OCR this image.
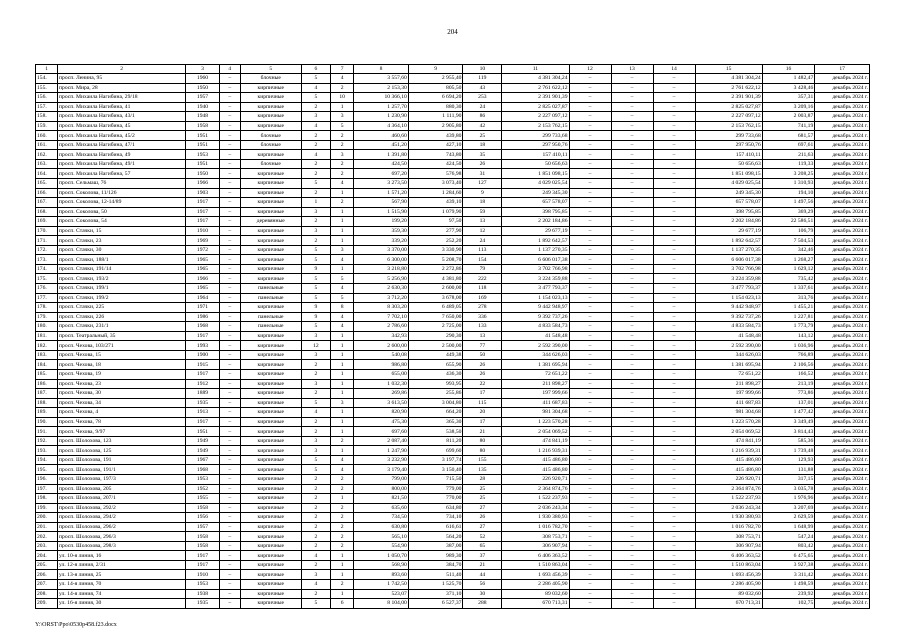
204
1	2	3	4	5	6	7	8	9	10	11	12	13	14	15	16	17
154.	просп. Ленина, 95	1960	–	блочные	5	4	3 557,60	2 955,40	119	4 381 304,24	–	–	–	4 381 304,24	1 482,47	декабрь 2024 г.
155.	просп. Мира, 28	1950	–	кирпичные	4	2	2 153,30	805,50	43	2 761 622,12	–	–	–	2 761 622,12	3 428,46	декабрь 2024 г.
156.	просп. Михаила Нагибина, 29/18	1957	–	кирпичные	5	10	10 366,10	6 694,20	253	2 391 901,39	–	–	–	2 391 901,39	357,31	декабрь 2024 г.
157.	просп. Михаила Нагибина, 41	1940	–	кирпичные	2	1	1 257,70	880,30	24	2 825 027,87	–	–	–	2 825 027,87	3 209,16	декабрь 2024 г.
158.	просп. Михаила Нагибина, 43/1	1948	–	кирпичные	3	3	1 230,90	1 111,90	86	2 227 097,12	–	–	–	2 227 097,12	2 003,87	декабрь 2024 г.
159.	просп. Михаила Нагибина, 45	1958	–	кирпичные	4	5	4 364,10	2 905,80	42	2 153 762,15	–	–	–	2 153 762,15	741,19	декабрь 2024 г.
160.	просп. Михаила Нагибина, 45/2	1951	–	блочные	2	2	460,60	439,80	25	299 733,68	–	–	–	299 733,68	681,57	декабрь 2024 г.
161.	просп. Михаила Нагибина, 47/1	1951	–	блочные	2	2	451,20	427,10	18	297 950,76	–	–	–	297 950,76	697,61	декабрь 2024 г.
162.	просп. Михаила Нагибина, 49	1953	–	кирпичные	4	3	1 391,80	743,80	35	157 410,11	–	–	–	157 410,11	211,63	декабрь 2024 г.
163.	просп. Михаила Нагибина, 49/1	1951	–	блочные	2	2	424,50	424,50	26	50 656,63	–	–	–	50 656,63	119,33	декабрь 2024 г.
164.	просп. Михаила Нагибина, 57	1950	–	кирпичные	2	2	697,20	576,98	31	1 851 098,15	–	–	–	1 851 098,15	3 208,25	декабрь 2024 г.
165.	просп. Сельмаш, 76	1966	–	кирпичные	5	4	3 273,50	3 073,40	127	4 029 025,54	–	–	–	4 029 025,54	1 310,93	декабрь 2024 г.
166.	просп. Соколова, 11/126	1903	–	кирпичные	2	1	1 571,20	1 284,60	9	249 345,30	–	–	–	249 345,30	194,10	декабрь 2024 г.
167.	просп. Соколова, 12-14/89	1917	–	кирпичные	1	2	567,90	439,10	18	657 578,07	–	–	–	657 578,07	1 497,56	декабрь 2024 г.
168.	просп. Соколова, 50	1917	–	кирпичные	3	1	1 515,90	1 079,90	59	398 795,85	–	–	–	398 795,85	369,29	декабрь 2024 г.
169.	просп. Соколова, 54	1917	–	деревянные	2	1	199,20	97,50	13	2 202 184,86	–	–	–	2 202 184,86	22 586,51	декабрь 2024 г.
170.	просп. Стачки, 15	1910	–	кирпичные	3	1	359,30	277,90	12	29 677,19	–	–	–	29 677,19	106,79	декабрь 2024 г.
171.	просп. Стачки, 23	1969	–	кирпичные	2	1	339,20	252,20	24	1 892 642,57	–	–	–	1 892 642,57	7 504,53	декабрь 2024 г.
172.	просп. Стачки, 30	1972	–	кирпичные	5	3	3 370,00	3 330,90	113	1 137 270,35	–	–	–	1 137 270,35	342,46	декабрь 2024 г.
173.	просп. Стачки, 188/1	1965	–	кирпичные	5	4	6 300,00	5 208,70	154	6 606 017,38	–	–	–	6 606 017,38	1 268,27	декабрь 2024 г.
174.	просп. Стачки, 191/14	1965	–	кирпичные	9	1	3 218,80	2 272,86	79	3 702 766,98	–	–	–	3 702 766,98	1 629,12	декабрь 2024 г.
175.	просп. Стачки, 193/2	1966	–	кирпичные	5	5	5 256,90	4 381,80	222	3 224 359,88	–	–	–	3 224 359,88	735,42	декабрь 2024 г.
176.	просп. Стачки, 199/1	1965	–	панельные	5	4	2 630,30	2 600,00	118	3 477 793,37	–	–	–	3 477 793,37	1 337,61	декабрь 2024 г.
177.	просп. Стачки, 199/2	1964	–	панельные	5	5	3 712,20	3 678,00	169	1 154 023,13	–	–	–	1 154 023,13	313,76	декабрь 2024 г.
178.	просп. Стачки, 225	1971	–	кирпичные	9	8	8 303,20	6 489,05	278	9 442 948,97	–	–	–	9 442 948,97	1 455,21	декабрь 2024 г.
179.	просп. Стачки, 226	1986	–	панельные	9	4	7 702,10	7 650,00	336	9 392 737,26	–	–	–	9 392 737,26	1 227,81	декабрь 2024 г.
180.	просп. Стачки, 231/1	1968	–	панельные	5	4	2 786,60	2 725,00	133	4 833 584,73	–	–	–	4 833 584,73	1 773,79	декабрь 2024 г.
181.	просп. Театральный, 35	1917	–	кирпичные	3	1	342,93	290,30	13	41 548,48	–	–	–	41 548,48	143,12	декабрь 2024 г.
182.	просп. Чехова, 103/271	1993	–	кирпичные	12	1	2 600,00	2 500,00	77	2 592 390,00	–	–	–	2 592 390,00	1 036,96	декабрь 2024 г.
183.	просп. Чехова, 15	1900	–	кирпичные	3	1	540,08	449,38	50	344 626,03	–	–	–	344 626,03	766,89	декабрь 2024 г.
184.	просп. Чехова, 18	1915	–	кирпичные	2	1	986,80	655,90	26	1 381 695,94	–	–	–	1 381 695,94	2 106,56	декабрь 2024 г.
185.	просп. Чехова, 19	1917	–	кирпичные	2	1	655,00	436,30	26	72 651,22	–	–	–	72 651,22	166,52	декабрь 2024 г.
186.	просп. Чехова, 23	1912	–	кирпичные	3	1	1 032,30	993,95	22	211 898,27	–	–	–	211 898,27	213,19	декабрь 2024 г.
187.	просп. Чехова, 30	1889	–	кирпичные	2	1	269,86	255,86	17	197 999,66	–	–	–	197 999,66	773,86	декабрь 2024 г.
188.	просп. Чехова, 34	1935	–	кирпичные	5	3	3 613,50	3 004,80	115	411 687,83	–	–	–	411 687,83	137,01	декабрь 2024 г.
189.	просп. Чехова, 4	1913	–	кирпичные	4	1	820,90	664,20	20	981 304,68	–	–	–	981 304,68	1 477,42	декабрь 2024 г.
190.	просп. Чехова, 78	1917	–	кирпичные	2	1	475,30	365,30	17	1 223 570,28	–	–	–	1 223 570,28	3 349,49	декабрь 2024 г.
191.	просп. Чехова, 9/97	1951	–	кирпичные	2	1	697,60	538,50	21	2 054 069,52	–	–	–	2 054 069,52	3 814,43	декабрь 2024 г.
192.	просп. Шолохова, 123	1949	–	кирпичные	3	2	2 087,40	811,20	80	474 841,19	–	–	–	474 841,19	585,36	декабрь 2024 г.
193.	просп. Шолохова, 125	1949	–	кирпичные	3	1	1 247,90	699,60	80	1 216 939,31	–	–	–	1 216 939,31	1 739,48	декабрь 2024 г.
194.	просп. Шолохова, 191	1967	–	кирпичные	5	4	3 232,90	3 197,74	155	415 486,80	–	–	–	415 486,80	129,93	декабрь 2024 г.
195.	просп. Шолохова, 191/1	1968	–	кирпичные	5	4	3 179,40	3 150,40	135	415 486,80	–	–	–	415 486,80	131,88	декабрь 2024 г.
196.	просп. Шолохова, 197/3	1953	–	кирпичные	2	2	799,00	715,50	28	226 920,71	–	–	–	226 920,71	317,15	декабрь 2024 г.
197.	просп. Шолохова, 205	1952	–	кирпичные	2	2	800,00	779,00	25	2 364 874,76	–	–	–	2 364 874,76	3 035,78	декабрь 2024 г.
198.	просп. Шолохова, 207/1	1955	–	кирпичные	2	1	821,50	770,00	25	1 522 237,93	–	–	–	1 522 237,93	1 976,96	декабрь 2024 г.
199.	просп. Шолохова, 292/2	1958	–	кирпичные	2	2	635,60	634,80	27	2 036 243,34	–	–	–	2 036 243,34	3 207,69	декабрь 2024 г.
200.	просп. Шолохова, 294/2	1956	–	кирпичные	2	2	734,50	734,10	26	1 930 380,93	–	–	–	1 930 380,93	2 629,59	декабрь 2024 г.
201.	просп. Шолохова, 296/2	1957	–	кирпичные	2	2	630,80	616,61	27	1 016 782,70	–	–	–	1 016 782,70	1 648,99	декабрь 2024 г.
202.	просп. Шолохова, 296/3	1958	–	кирпичные	2	2	565,10	564,20	52	308 753,71	–	–	–	308 753,71	547,24	декабрь 2024 г.
203.	просп. Шолохова, 298/3	1958	–	кирпичные	2	2	554,90	387,00	65	306 907,94	–	–	–	306 907,94	803,42	декабрь 2024 г.
204.	ул. 10-я линия, 16	1917	–	кирпичные	4	1	1 050,70	989,30	37	6 406 363,52	–	–	–	6 406 363,52	6 475,65	декабрь 2024 г.
205.	ул. 12-я линия, 2/31	1917	–	кирпичные	2	1	568,90	384,70	21	1 510 863,04	–	–	–	1 510 863,04	3 927,38	декабрь 2024 г.
206.	ул. 13-я линия, 25	1910	–	кирпичные	3	1	893,60	511,40	44	1 693 456,39	–	–	–	1 693 456,39	3 311,42	декабрь 2024 г.
207.	ул. 14-я линия, 70	1953	–	кирпичные	4	2	1 742,50	1 525,70	56	2 286 405,90	–	–	–	2 286 405,90	1 498,59	декабрь 2024 г.
208.	ул. 14-я линия, 74	1938	–	кирпичные	2	1	523,07	371,10	30	89 032,60	–	–	–	89 032,60	239,92	декабрь 2024 г.
209.	ул. 16-я линия, 30	1935	–	кирпичные	5	6	8 104,00	6 527,37	288	670 713,31	–	–	–	670 713,31	102,75	декабрь 2024 г.
Y:\ORST\Ppo\0530p458.f23.docx
